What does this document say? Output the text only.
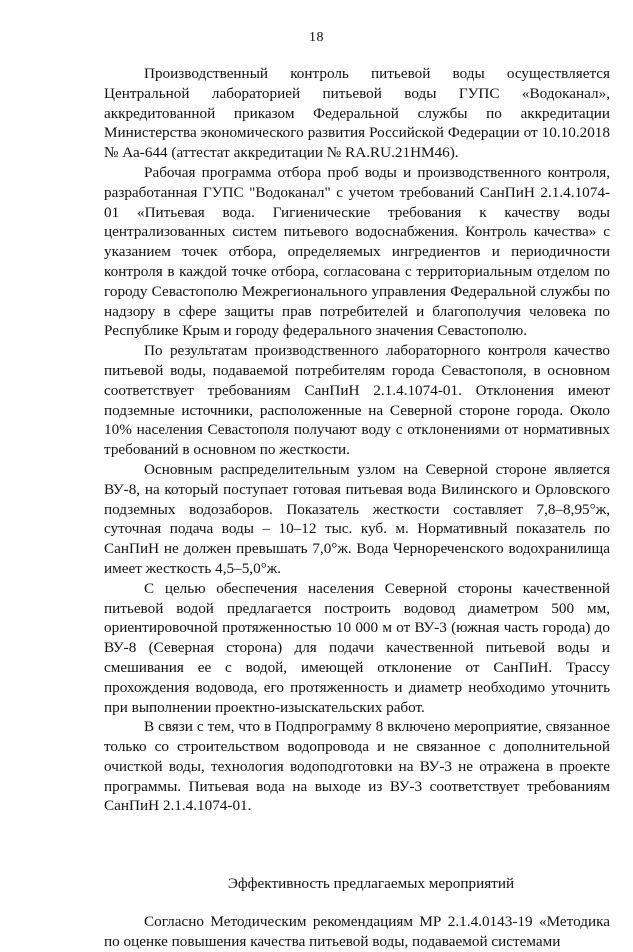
18

Производственный контроль питьевой воды осуществляется Центральной лабораторией питьевой воды ГУПС «Водоканал», аккредитованной приказом Федеральной службы по аккредитации Министерства экономического развития Российской Федерации от 10.10.2018 № Аа-644 (аттестат аккредитации № RA.RU.21HM46).

Рабочая программа отбора проб воды и производственного контроля, разработанная ГУПС "Водоканал" с учетом требований СанПиН 2.1.4.1074-01 «Питьевая вода. Гигиенические требования к качеству воды централизованных систем питьевого водоснабжения. Контроль качества» с указанием точек отбора, определяемых ингредиентов и периодичности контроля в каждой точке отбора, согласована с территориальным отделом по городу Севастополю Межрегионального управления Федеральной службы по надзору в сфере защиты прав потребителей и благополучия человека по Республике Крым и городу федерального значения Севастополю.

По результатам производственного лабораторного контроля качество питьевой воды, подаваемой потребителям города Севастополя, в основном соответствует требованиям СанПиН 2.1.4.1074-01. Отклонения имеют подземные источники, расположенные на Северной стороне города. Около 10% населения Севастополя получают воду с отклонениями от нормативных требований в основном по жесткости.

Основным распределительным узлом на Северной стороне является ВУ-8, на который поступает готовая питьевая вода Вилинского и Орловского подземных водозаборов. Показатель жесткости составляет 7,8–8,95°ж, суточная подача воды – 10–12 тыс. куб. м. Нормативный показатель по СанПиН не должен превышать 7,0°ж. Вода Чернореченского водохранилища имеет жесткость 4,5–5,0°ж.

С целью обеспечения населения Северной стороны качественной питьевой водой предлагается построить водовод диаметром 500 мм, ориентировочной протяженностью 10 000 м от ВУ-3 (южная часть города) до ВУ-8 (Северная сторона) для подачи качественной питьевой воды и смешивания ее с водой, имеющей отклонение от СанПиН. Трассу прохождения водовода, его протяженность и диаметр необходимо уточнить при выполнении проектно-изыскательских работ.

В связи с тем, что в Подпрограмму 8 включено мероприятие, связанное только со строительством водопровода и не связанное с дополнительной очисткой воды, технология водоподготовки на ВУ-3 не отражена в проекте программы. Питьевая вода на выходе из ВУ-3 соответствует требованиям СанПиН 2.1.4.1074-01.

Эффективность предлагаемых мероприятий

Согласно Методическим рекомендациям МР 2.1.4.0143-19 «Методика по оценке повышения качества питьевой воды, подаваемой системами
